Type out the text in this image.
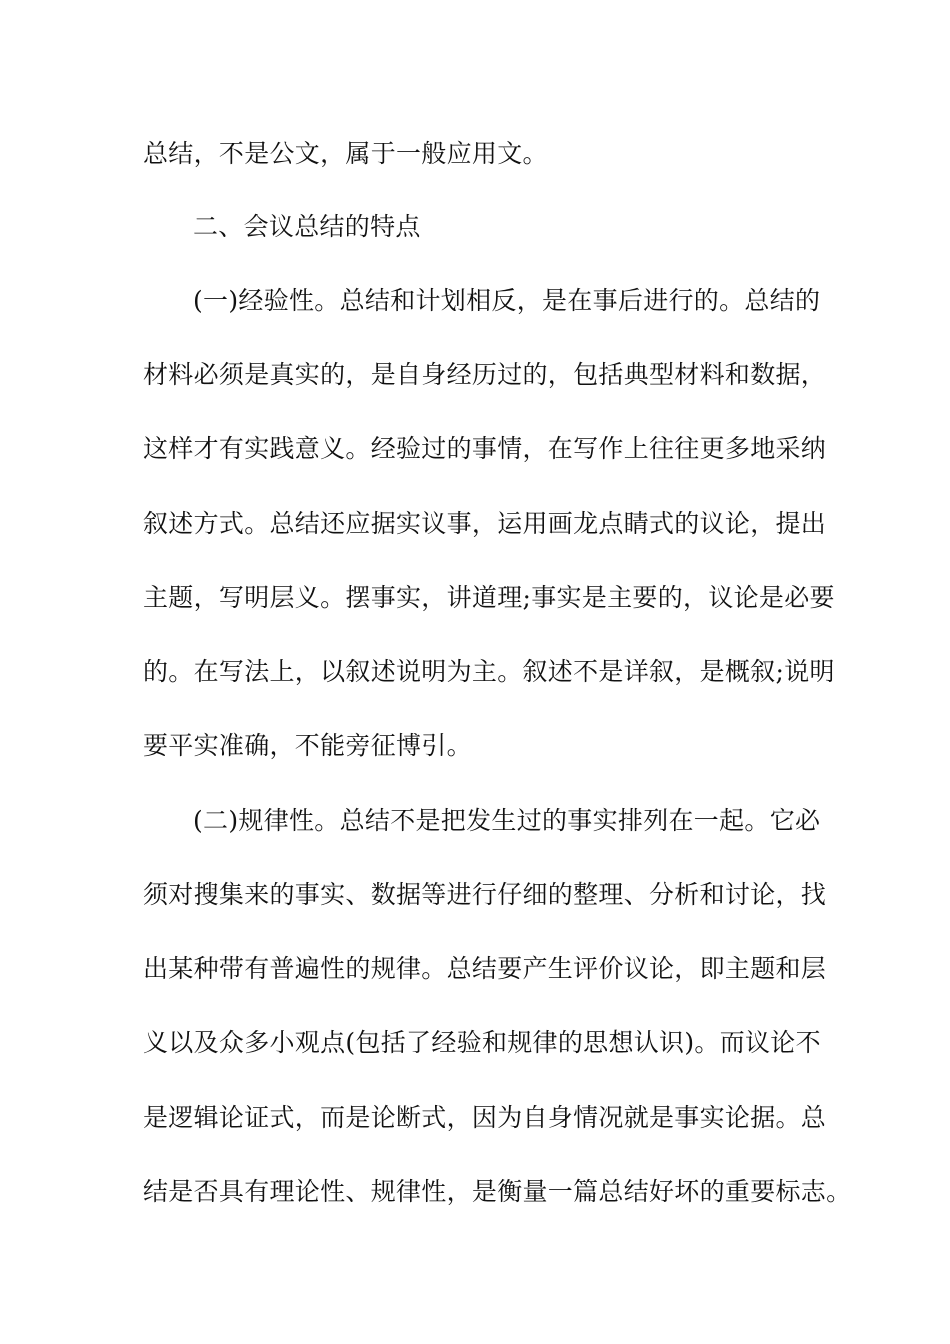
总结，不是公文，属于一般应用文。

二、会议总结的特点

(一)经验性。总结和计划相反，是在事后进行的。总结的

材料必须是真实的，是自身经历过的，包括典型材料和数据，

这样才有实践意义。经验过的事情，在写作上往往更多地采纳

叙述方式。总结还应据实议事，运用画龙点睛式的议论，提出

主题，写明层义。摆事实，讲道理;事实是主要的，议论是必要

的。在写法上，以叙述说明为主。叙述不是详叙，是概叙;说明

要平实准确，不能旁征博引。

(二)规律性。总结不是把发生过的事实排列在一起。它必

须对搜集来的事实、数据等进行仔细的整理、分析和讨论，找

出某种带有普遍性的规律。总结要产生评价议论，即主题和层

义以及众多小观点(包括了经验和规律的思想认识)。而议论不

是逻辑论证式，而是论断式，因为自身情况就是事实论据。总

结是否具有理论性、规律性，是衡量一篇总结好坏的重要标志。
